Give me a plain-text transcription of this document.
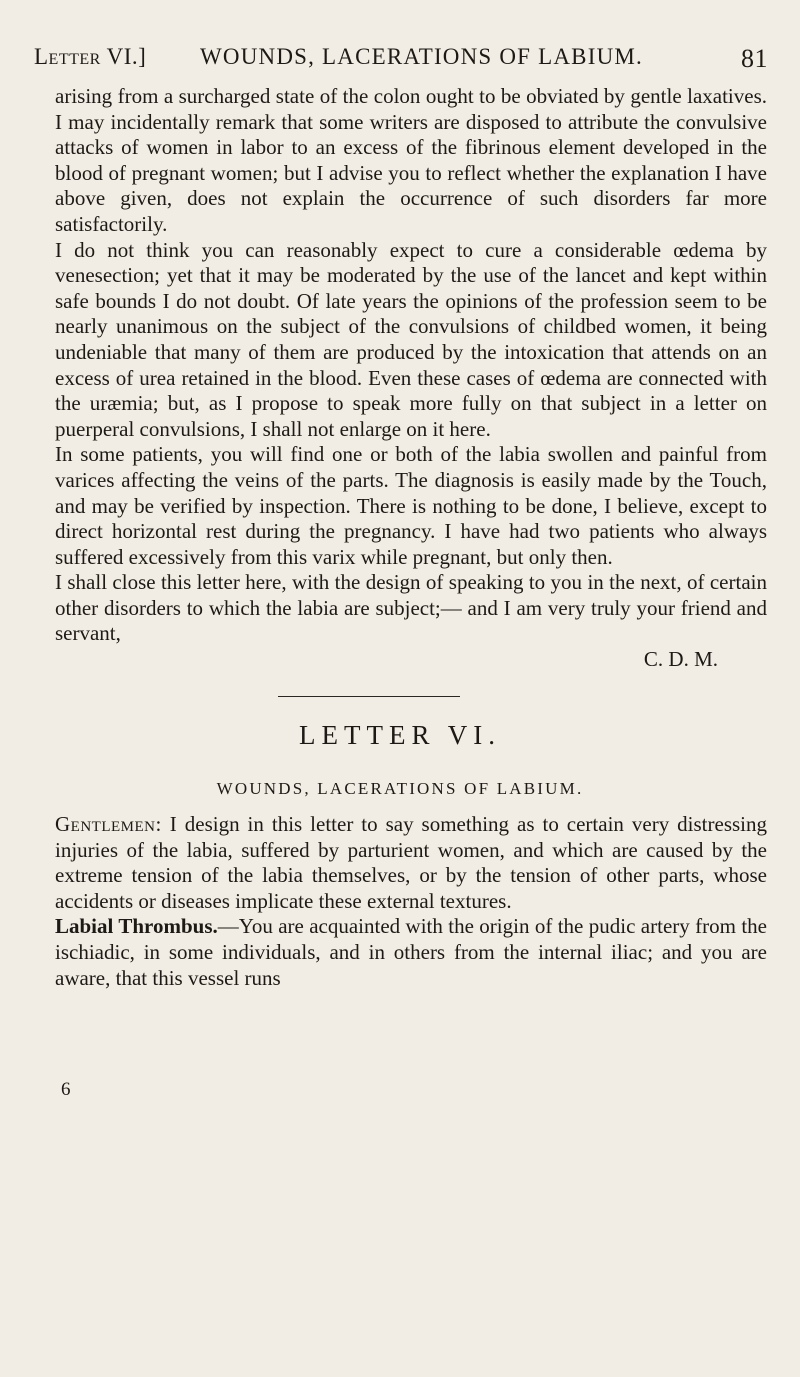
Letter VI.] WOUNDS, LACERATIONS OF LABIUM.	81

arising from a surcharged state of the colon ought to be obviated by gentle laxatives. I may incidentally remark that some writers are disposed to attribute the convulsive attacks of women in labor to an excess of the fibrinous element developed in the blood of pregnant women; but I advise you to reflect whether the explanation I have above given, does not explain the occurrence of such disorders far more satisfactorily.

I do not think you can reasonably expect to cure a considerable œdema by venesection; yet that it may be moderated by the use of the lancet and kept within safe bounds I do not doubt. Of late years the opinions of the profession seem to be nearly unanimous on the subject of the convulsions of childbed women, it being undeniable that many of them are produced by the intoxication that attends on an excess of urea retained in the blood. Even these cases of œdema are connected with the uræmia; but, as I propose to speak more fully on that subject in a letter on puerperal convulsions, I shall not enlarge on it here.

In some patients, you will find one or both of the labia swollen and painful from varices affecting the veins of the parts. The diagnosis is easily made by the Touch, and may be verified by inspection. There is nothing to be done, I believe, except to direct horizontal rest during the pregnancy. I have had two patients who always suffered excessively from this varix while pregnant, but only then.

I shall close this letter here, with the design of speaking to you in the next, of certain other disorders to which the labia are subject;— and I am very truly your friend and servant,

C. D. M.

LETTER VI.
WOUNDS, LACERATIONS OF LABIUM.

Gentlemen: I design in this letter to say something as to certain very distressing injuries of the labia, suffered by parturient women, and which are caused by the extreme tension of the labia themselves, or by the tension of other parts, whose accidents or diseases implicate these external textures.

Labial Thrombus.—You are acquainted with the origin of the pudic artery from the ischiadic, in some individuals, and in others from the internal iliac; and you are aware, that this vessel runs

6
